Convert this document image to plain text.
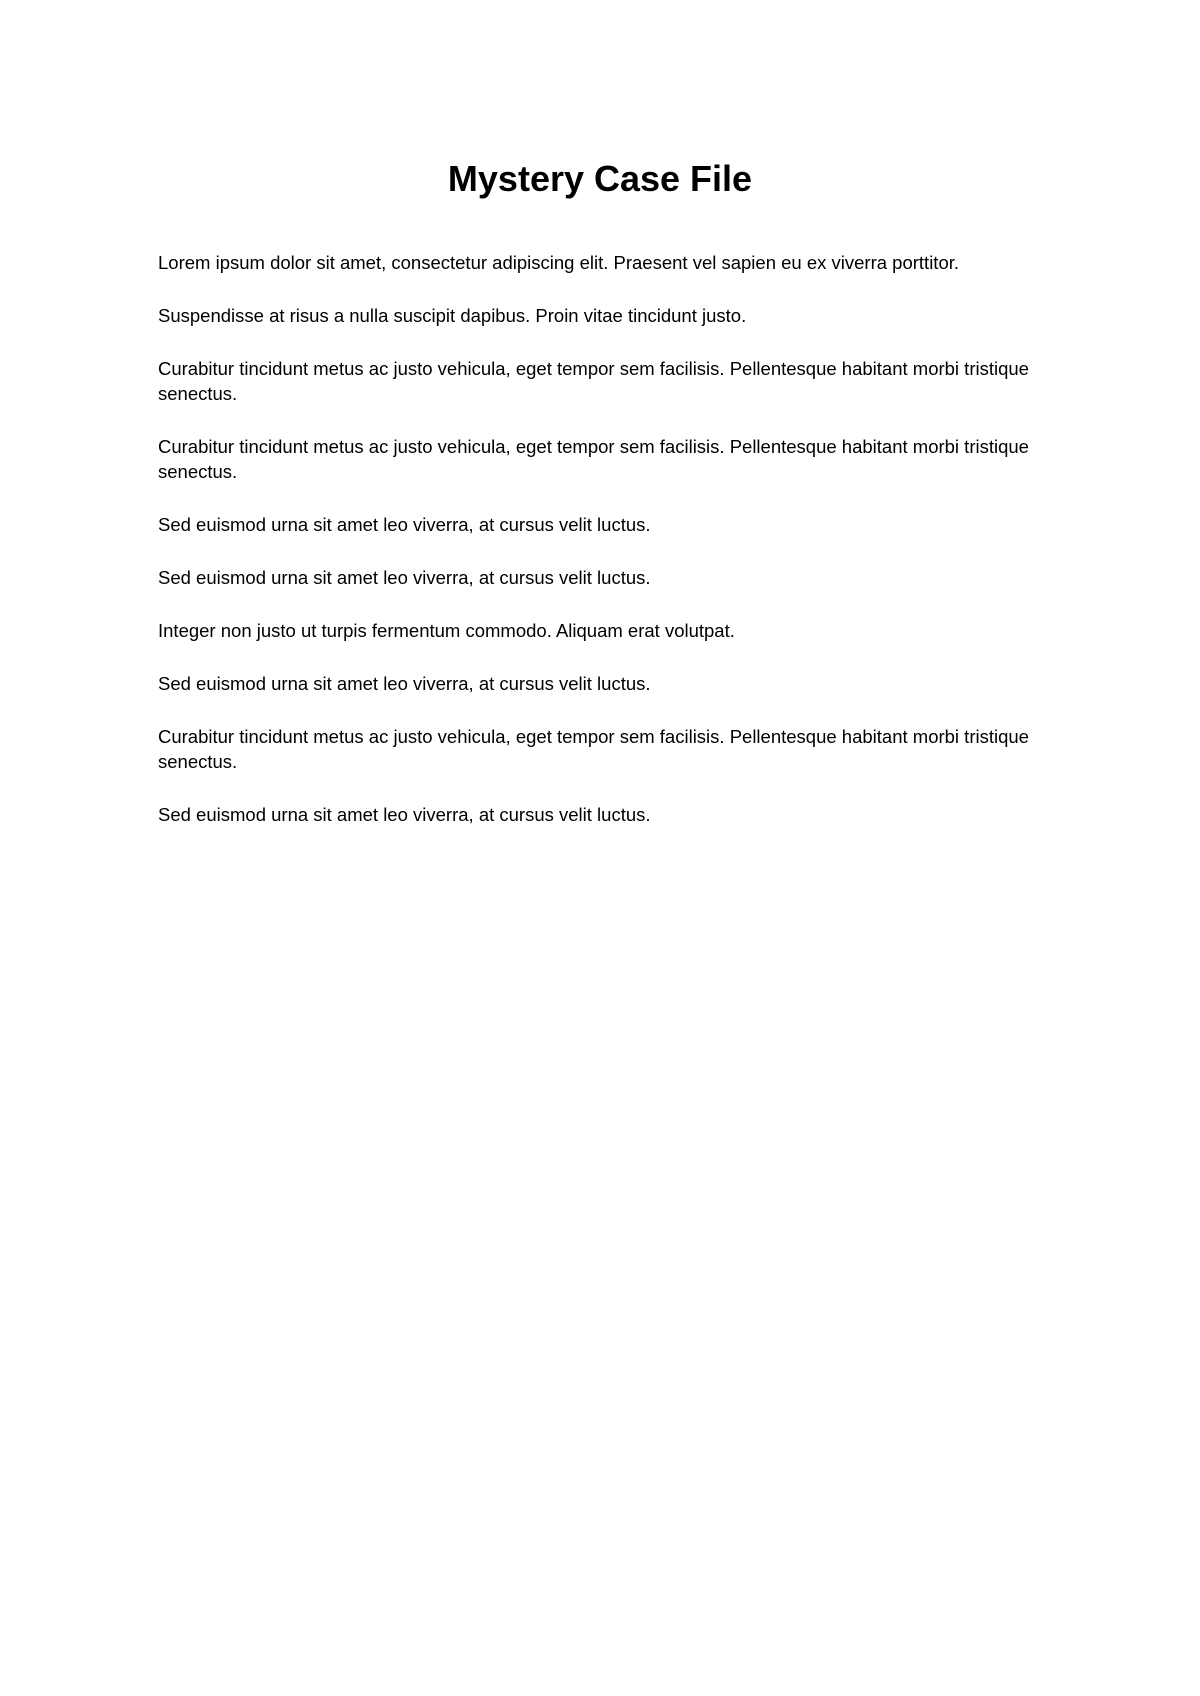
Mystery Case File

Lorem ipsum dolor sit amet, consectetur adipiscing elit. Praesent vel sapien eu ex viverra porttitor.

Suspendisse at risus a nulla suscipit dapibus. Proin vitae tincidunt justo.

Curabitur tincidunt metus ac justo vehicula, eget tempor sem facilisis. Pellentesque habitant morbi tristique senectus.

Curabitur tincidunt metus ac justo vehicula, eget tempor sem facilisis. Pellentesque habitant morbi tristique senectus.

Sed euismod urna sit amet leo viverra, at cursus velit luctus.

Sed euismod urna sit amet leo viverra, at cursus velit luctus.

Integer non justo ut turpis fermentum commodo. Aliquam erat volutpat.

Sed euismod urna sit amet leo viverra, at cursus velit luctus.

Curabitur tincidunt metus ac justo vehicula, eget tempor sem facilisis. Pellentesque habitant morbi tristique senectus.

Sed euismod urna sit amet leo viverra, at cursus velit luctus.
